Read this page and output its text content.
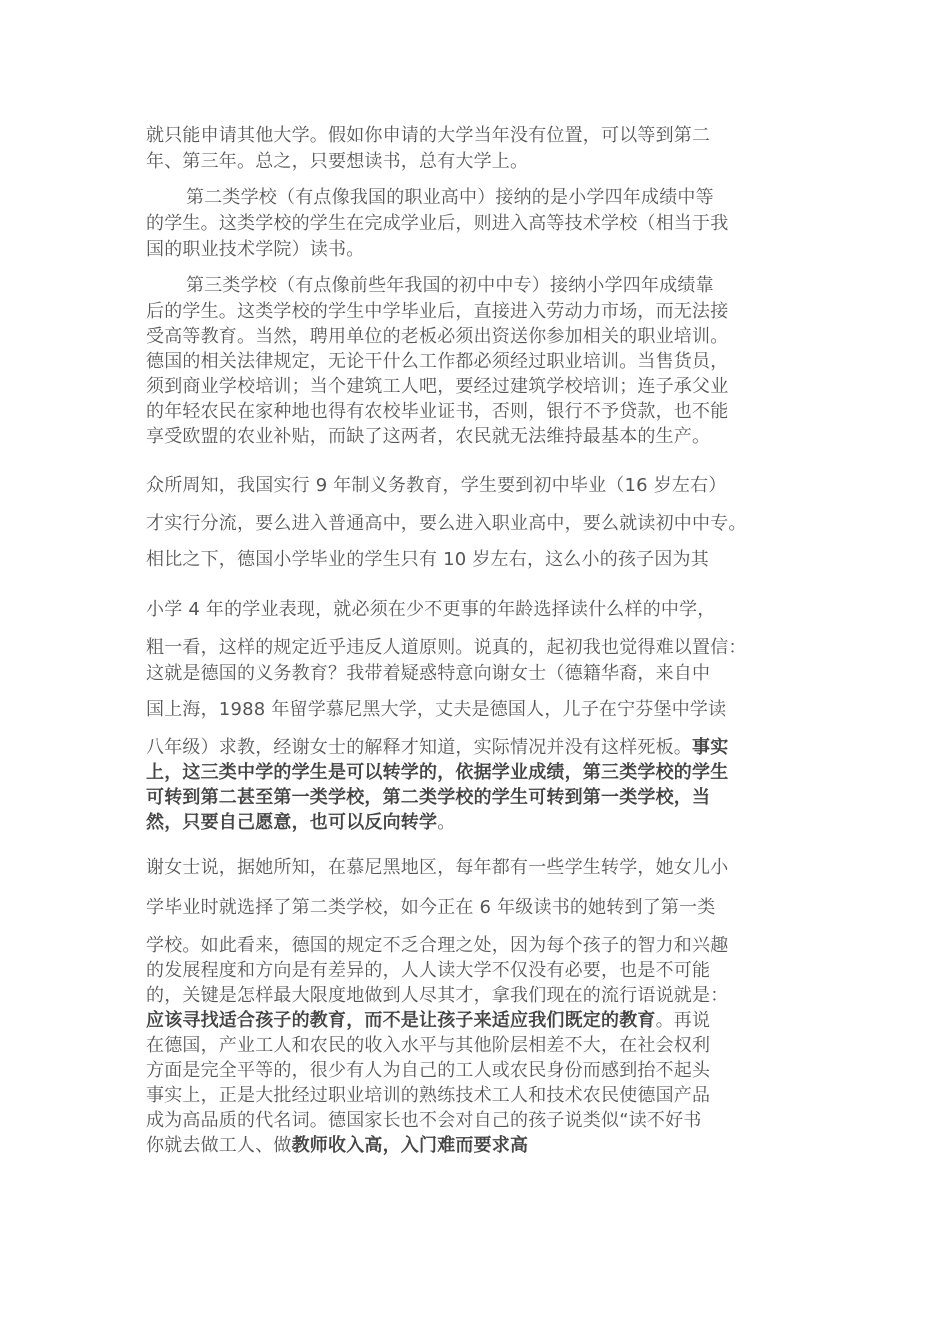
就只能申请其他大学。假如你申请的大学当年没有位置，可以等到第二
年、第三年。总之，只要想读书，总有大学上。
第二类学校（有点像我国的职业高中）接纳的是小学四年成绩中等
的学生。这类学校的学生在完成学业后，则进入高等技术学校（相当于我
国的职业技术学院）读书。
第三类学校（有点像前些年我国的初中中专）接纳小学四年成绩靠
后的学生。这类学校的学生中学毕业后，直接进入劳动力市场，而无法接
受高等教育。当然，聘用单位的老板必须出资送你参加相关的职业培训。
德国的相关法律规定，无论干什么工作都必须经过职业培训。当售货员，
须到商业学校培训；当个建筑工人吧，要经过建筑学校培训；连子承父业
的年轻农民在家种地也得有农校毕业证书，否则，银行不予贷款，也不能
享受欧盟的农业补贴，而缺了这两者，农民就无法维持最基本的生产。
众所周知，我国实行 9 年制义务教育，学生要到初中毕业（16 岁左右）
才实行分流，要么进入普通高中，要么进入职业高中，要么就读初中中专。
相比之下，德国小学毕业的学生只有 10 岁左右，这么小的孩子因为其
小学 4 年的学业表现，就必须在少不更事的年龄选择读什么样的中学，
粗一看，这样的规定近乎违反人道原则。说真的，起初我也觉得难以置信：
这就是德国的义务教育？我带着疑惑特意向谢女士（德籍华裔，来自中
国上海，1988 年留学慕尼黑大学，丈夫是德国人，儿子在宁芬堡中学读
八年级）求教，经谢女士的解释才知道，实际情况并没有这样死板。事实
上，这三类中学的学生是可以转学的，依据学业成绩，第三类学校的学生
可转到第二甚至第一类学校，第二类学校的学生可转到第一类学校，当
然，只要自己愿意，也可以反向转学。
谢女士说，据她所知，在慕尼黑地区，每年都有一些学生转学，她女儿小
学毕业时就选择了第二类学校，如今正在 6 年级读书的她转到了第一类
学校。如此看来，德国的规定不乏合理之处，因为每个孩子的智力和兴趣
的发展程度和方向是有差异的，人人读大学不仅没有必要，也是不可能
的，关键是怎样最大限度地做到人尽其才，拿我们现在的流行语说就是：
应该寻找适合孩子的教育，而不是让孩子来适应我们既定的教育。再说
在德国，产业工人和农民的收入水平与其他阶层相差不大，在社会权利
方面是完全平等的，很少有人为自己的工人或农民身份而感到抬不起头
事实上，正是大批经过职业培训的熟练技术工人和技术农民使德国产品
成为高品质的代名词。德国家长也不会对自己的孩子说类似“读不好书
你就去做工人、做教师收入高，入门难而要求高
